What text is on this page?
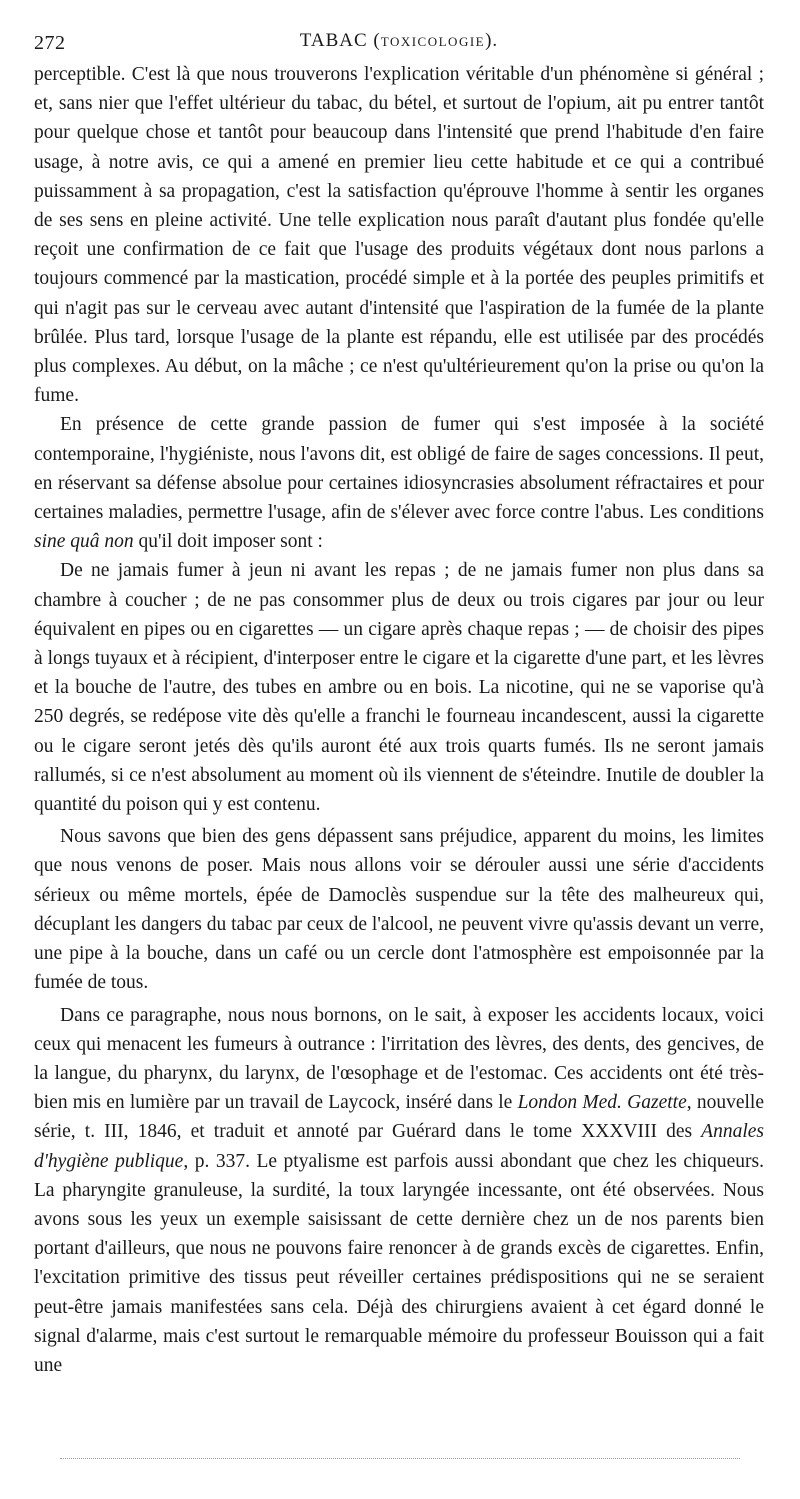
272	TABAC (TOXICOLOGIE).

perceptible. C'est là que nous trouverons l'explication véritable d'un phénomène si général ; et, sans nier que l'effet ultérieur du tabac, du bétel, et surtout de l'opium, ait pu entrer tantôt pour quelque chose et tantôt pour beaucoup dans l'intensité que prend l'habitude d'en faire usage, à notre avis, ce qui a amené en premier lieu cette habitude et ce qui a contribué puissamment à sa propagation, c'est la satisfaction qu'éprouve l'homme à sentir les organes de ses sens en pleine activité. Une telle explication nous paraît d'autant plus fondée qu'elle reçoit une confirmation de ce fait que l'usage des produits végétaux dont nous parlons a toujours commencé par la mastication, procédé simple et à la portée des peuples primitifs et qui n'agit pas sur le cerveau avec autant d'intensité que l'aspiration de la fumée de la plante brûlée. Plus tard, lorsque l'usage de la plante est répandu, elle est utilisée par des procédés plus complexes. Au début, on la mâche ; ce n'est qu'ultérieurement qu'on la prise ou qu'on la fume.

En présence de cette grande passion de fumer qui s'est imposée à la société contemporaine, l'hygiéniste, nous l'avons dit, est obligé de faire de sages concessions. Il peut, en réservant sa défense absolue pour certaines idiosyncrasies absolument réfractaires et pour certaines maladies, permettre l'usage, afin de s'élever avec force contre l'abus. Les conditions sine quâ non qu'il doit imposer sont :

De ne jamais fumer à jeun ni avant les repas ; de ne jamais fumer non plus dans sa chambre à coucher ; de ne pas consommer plus de deux ou trois cigares par jour ou leur équivalent en pipes ou en cigarettes — un cigare après chaque repas ; — de choisir des pipes à longs tuyaux et à récipient, d'interposer entre le cigare et la cigarette d'une part, et les lèvres et la bouche de l'autre, des tubes en ambre ou en bois. La nicotine, qui ne se vaporise qu'à 250 degrés, se redépose vite dès qu'elle a franchi le fourneau incandescent, aussi la cigarette ou le cigare seront jetés dès qu'ils auront été aux trois quarts fumés. Ils ne seront jamais rallumés, si ce n'est absolument au moment où ils viennent de s'éteindre. Inutile de doubler la quantité du poison qui y est contenu.

Nous savons que bien des gens dépassent sans préjudice, apparent du moins, les limites que nous venons de poser. Mais nous allons voir se dérouler aussi une série d'accidents sérieux ou même mortels, épée de Damoclès suspendue sur la tête des malheureux qui, décuplant les dangers du tabac par ceux de l'alcool, ne peuvent vivre qu'assis devant un verre, une pipe à la bouche, dans un café ou un cercle dont l'atmosphère est empoisonnée par la fumée de tous.

Dans ce paragraphe, nous nous bornons, on le sait, à exposer les accidents locaux, voici ceux qui menacent les fumeurs à outrance : l'irritation des lèvres, des dents, des gencives, de la langue, du pharynx, du larynx, de l'œsophage et de l'estomac. Ces accidents ont été très-bien mis en lumière par un travail de Laycock, inséré dans le London Med. Gazette, nouvelle série, t. III, 1846, et traduit et annoté par Guérard dans le tome XXXVIII des Annales d'hygiène publique, p. 337. Le ptyalisme est parfois aussi abondant que chez les chiqueurs. La pharyngite granuleuse, la surdité, la toux laryngée incessante, ont été observées. Nous avons sous les yeux un exemple saisissant de cette dernière chez un de nos parents bien portant d'ailleurs, que nous ne pouvons faire renoncer à de grands excès de cigarettes. Enfin, l'excitation primitive des tissus peut réveiller certaines prédispositions qui ne se seraient peut-être jamais manifestées sans cela. Déjà des chirurgiens avaient à cet égard donné le signal d'alarme, mais c'est surtout le remarquable mémoire du professeur Bouisson qui a fait une
